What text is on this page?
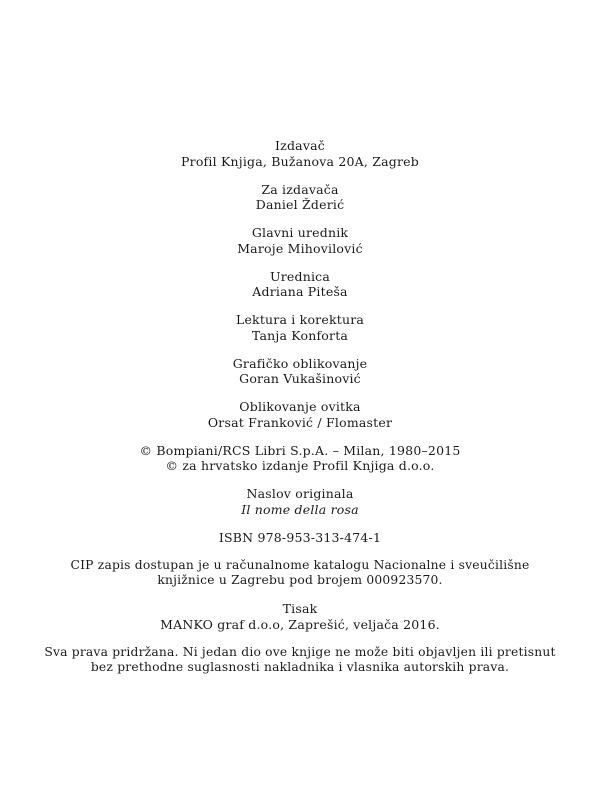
Izdavač
Profil Knjiga, Bužanova 20A, Zagreb
Za izdavača
Daniel Žderić
Glavni urednik
Maroje Mihovilović
Urednica
Adriana Piteša
Lektura i korektura
Tanja Konforta
Grafičko oblikovanje
Goran Vukašinović
Oblikovanje ovitka
Orsat Franković / Flomaster
© Bompiani/RCS Libri S.p.A. – Milan, 1980–2015
© za hrvatsko izdanje Profil Knjiga d.o.o.
Naslov originala
Il nome della rosa
ISBN 978-953-313-474-1
CIP zapis dostupan je u računalnome katalogu Nacionalne i sveučilišne
knjižnice u Zagrebu pod brojem 000923570.
Tisak
MANKO graf d.o.o, Zaprešić, veljača 2016.
Sva prava pridržana. Ni jedan dio ove knjige ne može biti objavljen ili pretisnut
bez prethodne suglasnosti nakladnika i vlasnika autorskih prava.
